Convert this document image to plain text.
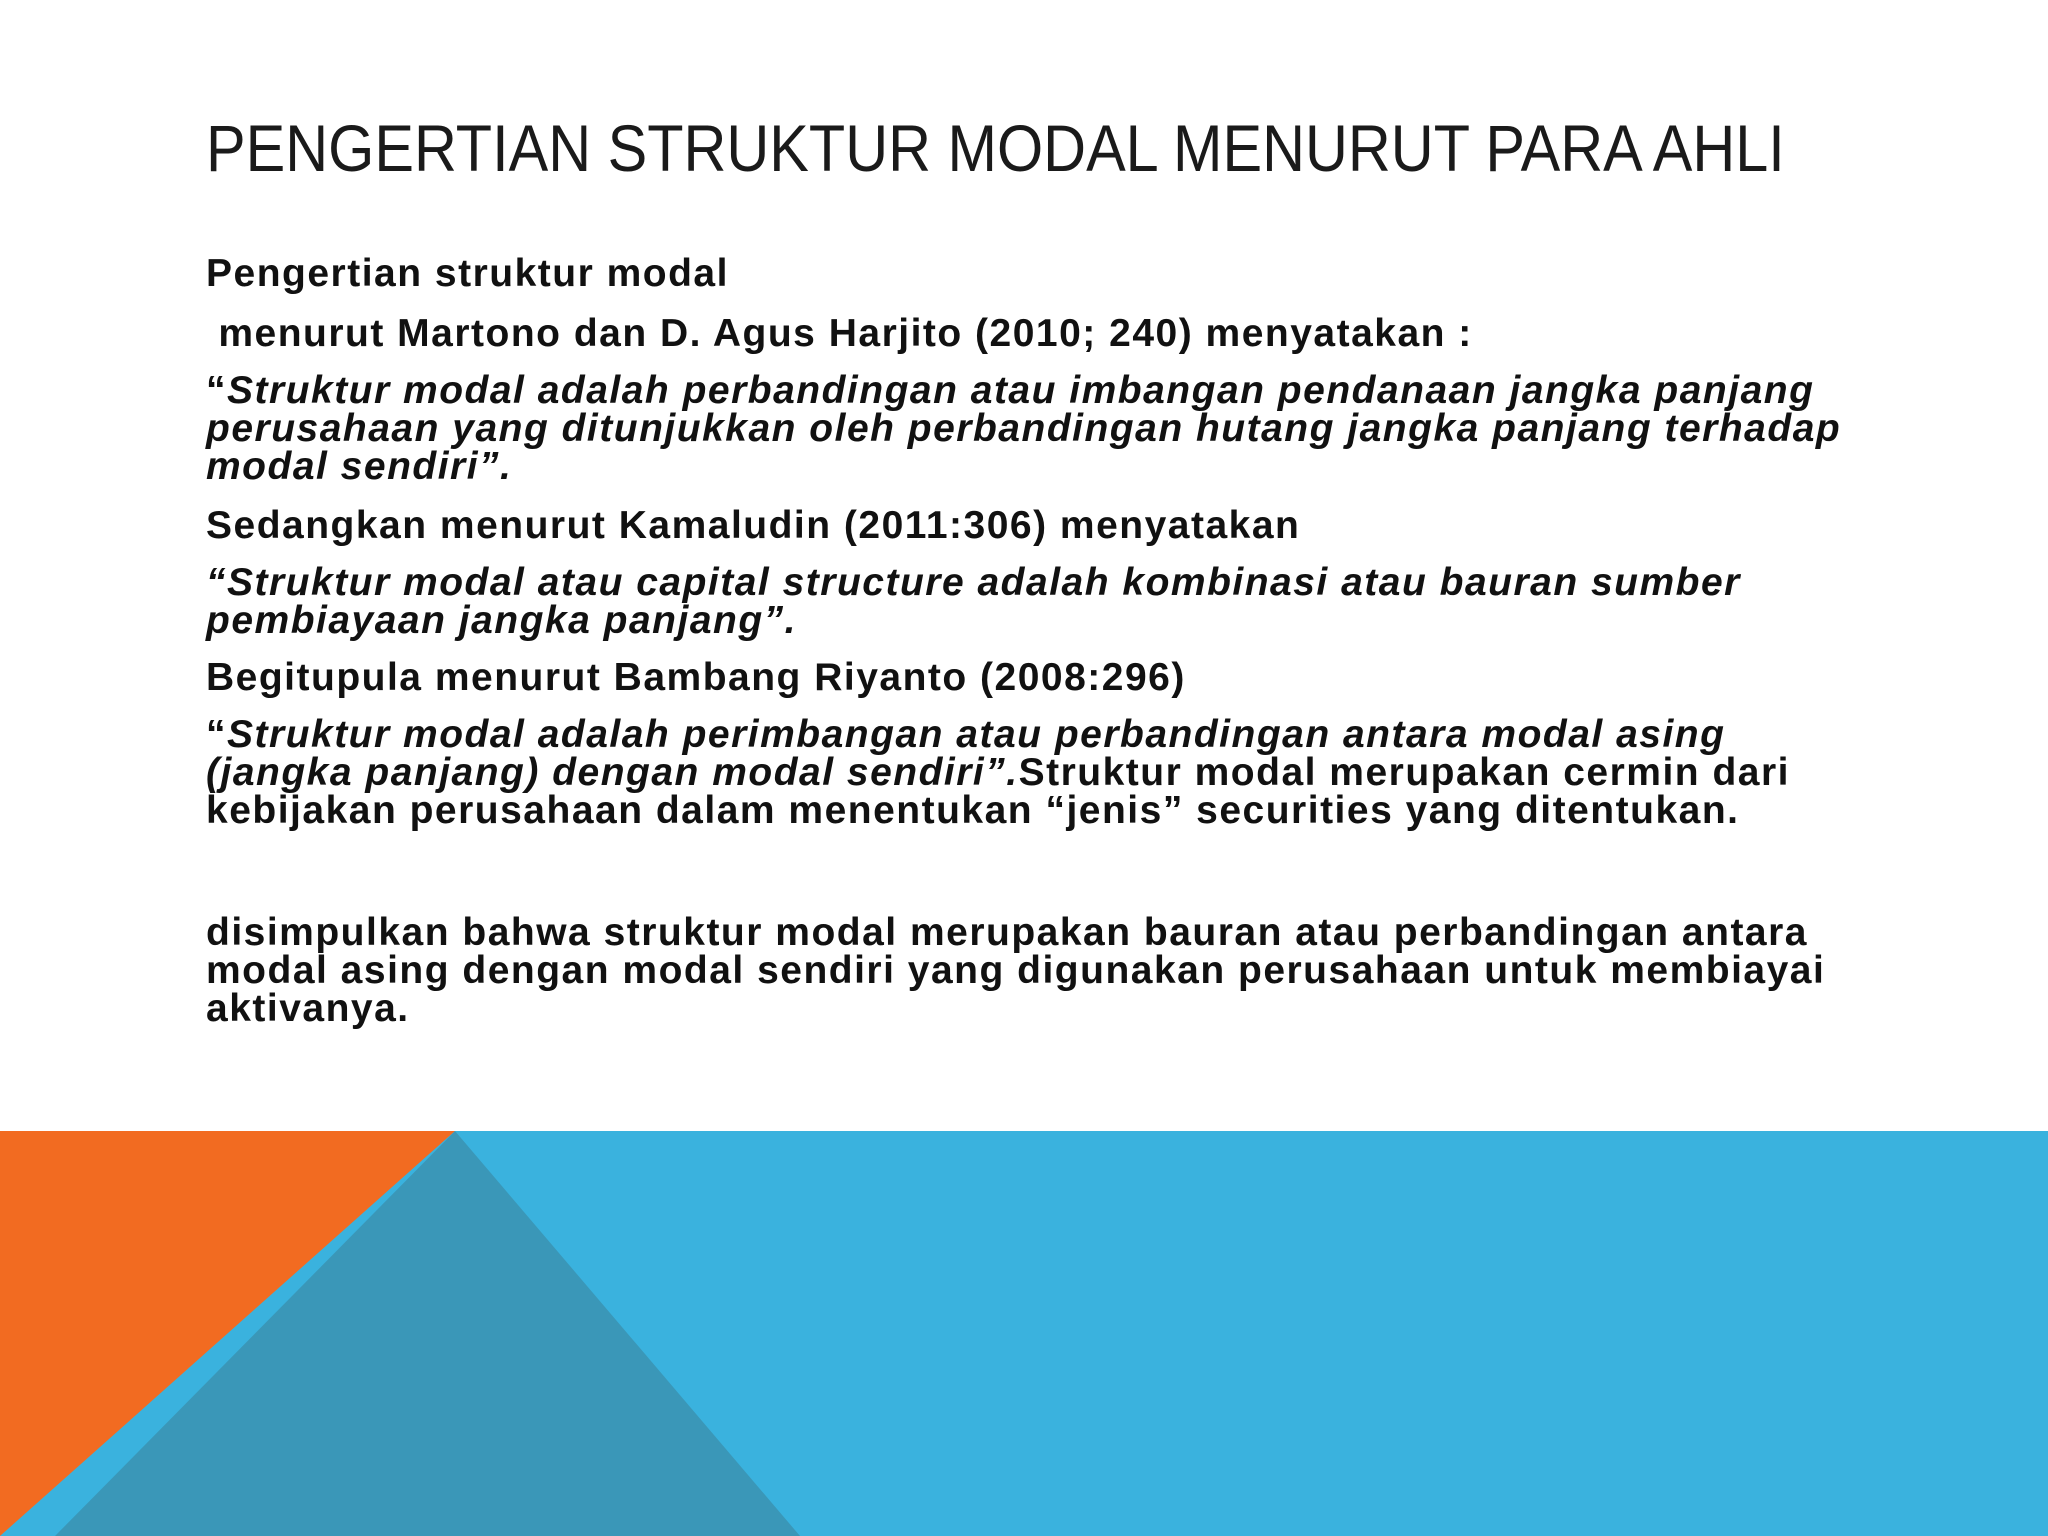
PENGERTIAN STRUKTUR MODAL MENURUT PARA AHLI

Pengertian struktur modal

menurut Martono dan D. Agus Harjito (2010; 240) menyatakan :

“Struktur modal adalah perbandingan atau imbangan pendanaan jangka panjang perusahaan yang ditunjukkan oleh perbandingan hutang jangka panjang terhadap modal sendiri”.

Sedangkan menurut Kamaludin (2011:306) menyatakan

“Struktur modal atau capital structure adalah kombinasi atau bauran sumber pembiayaan jangka panjang”.

Begitupula menurut Bambang Riyanto (2008:296)

“Struktur modal adalah perimbangan atau perbandingan antara modal asing (jangka panjang) dengan modal sendiri”.Struktur modal merupakan cermin dari kebijakan perusahaan dalam menentukan “jenis” securities yang ditentukan.

disimpulkan bahwa struktur modal merupakan bauran atau perbandingan antara modal asing dengan modal sendiri yang digunakan perusahaan untuk membiayai aktivanya.
